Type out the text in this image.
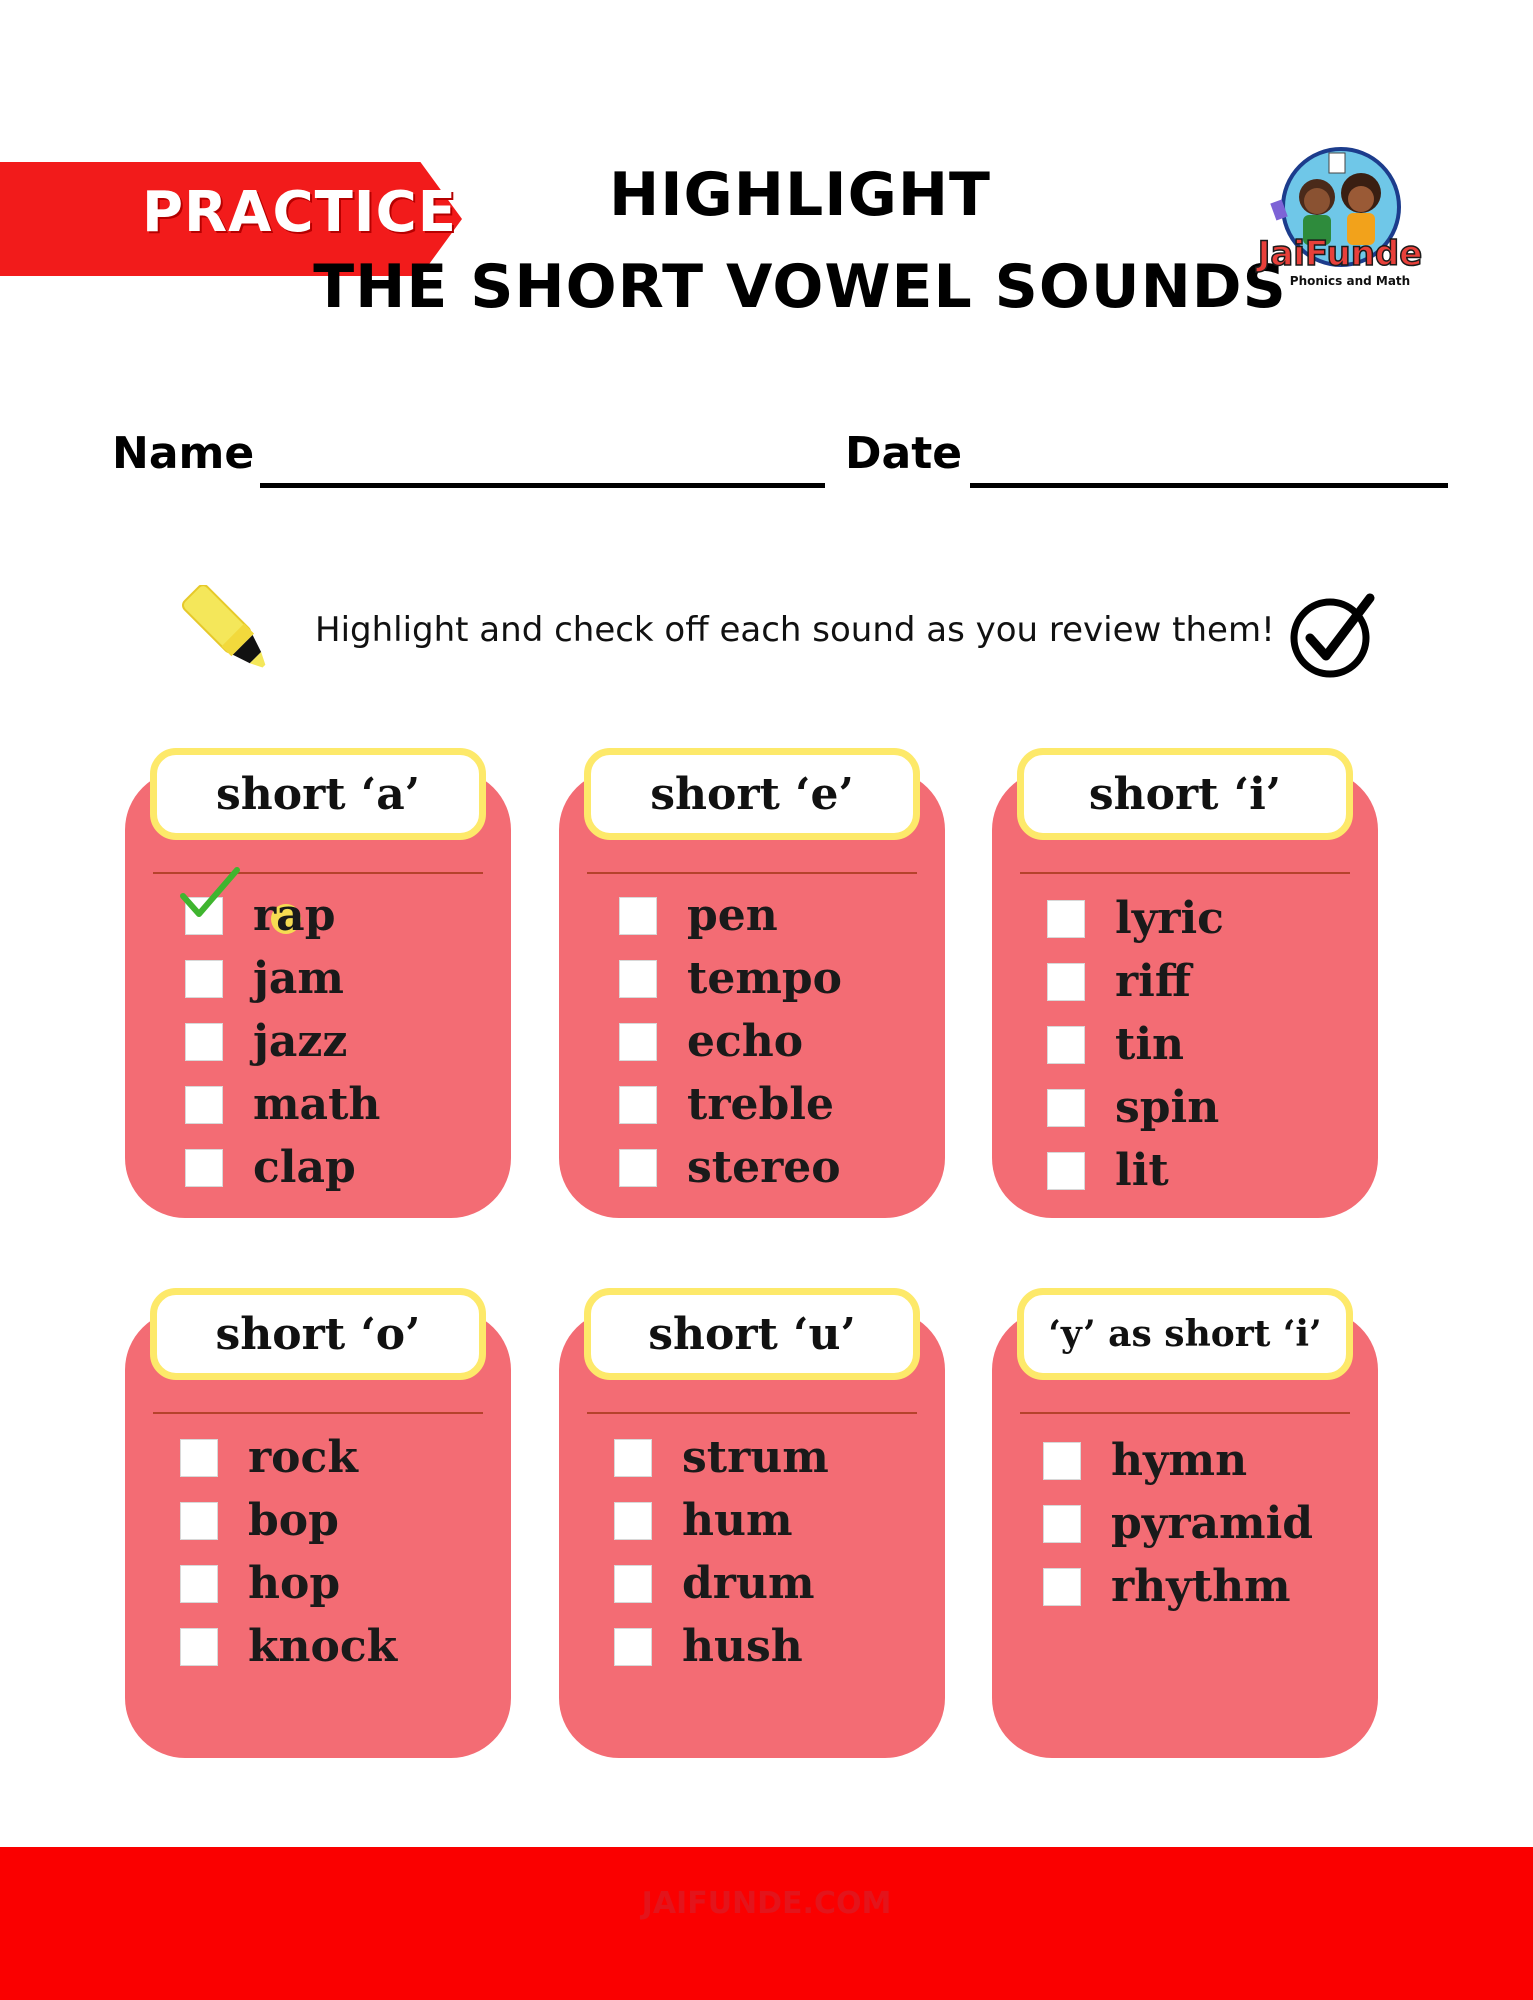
PRACTICE	HIGHLIGHT
THE SHORT VOWEL SOUNDS
JaiFunde
Phonics and Math
Name	Date
Highlight and check off each sound as you review them!
short ‘a’
rap
jam
jazz
math
clap
short ‘e’
pen
tempo
echo
treble
stereo
short ‘i’
lyric
riff
tin
spin
lit
short ‘o’
rock
bop
hop
knock
short ‘u’
strum
hum
drum
hush
‘y’ as short ‘i’
hymn
pyramid
rhythm
JAIFUNDE.COM
